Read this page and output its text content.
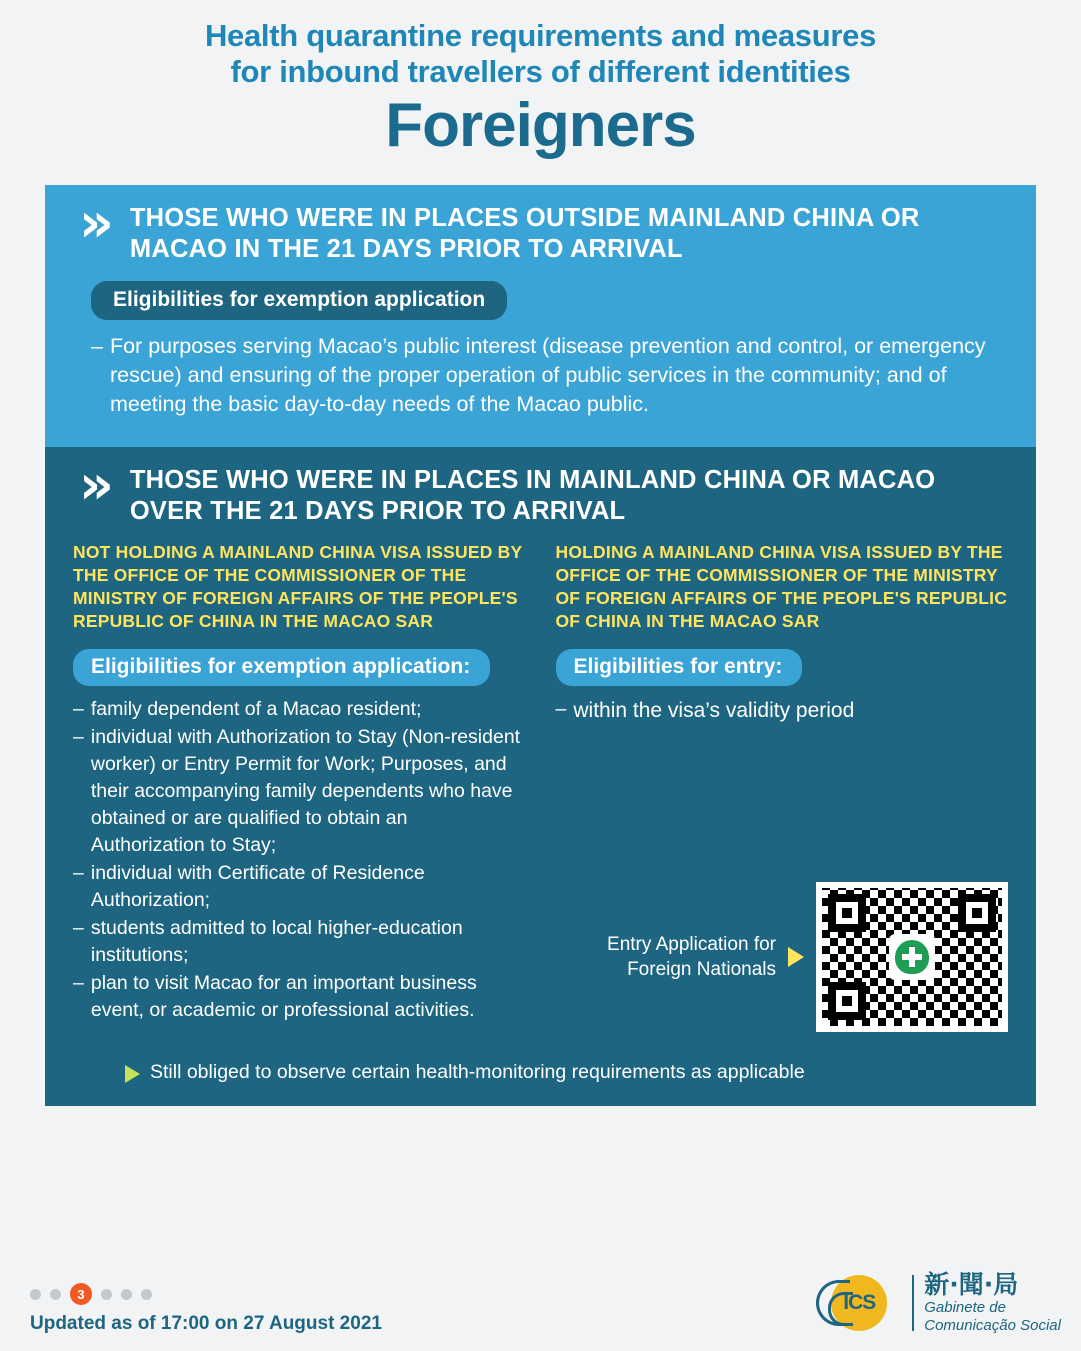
Health quarantine requirements and measures
for inbound travellers of different identities
Foreigners
» THOSE WHO WERE IN PLACES OUTSIDE MAINLAND CHINA OR MACAO IN THE 21 DAYS PRIOR TO ARRIVAL
Eligibilities for exemption application
– For purposes serving Macao’s public interest (disease prevention and control, or emergency rescue) and ensuring of the proper operation of public services in the community; and of meeting the basic day-to-day needs of the Macao public.
» THOSE WHO WERE IN PLACES IN MAINLAND CHINA OR MACAO OVER THE 21 DAYS PRIOR TO ARRIVAL
NOT HOLDING A MAINLAND CHINA VISA ISSUED BY THE OFFICE OF THE COMMISSIONER OF THE MINISTRY OF FOREIGN AFFAIRS OF THE PEOPLE'S REPUBLIC OF CHINA IN THE MACAO SAR
Eligibilities for exemption application:
– family dependent of a Macao resident;
– individual with Authorization to Stay (Non-resident worker) or Entry Permit for Work; Purposes, and their accompanying family dependents who have obtained or are qualified to obtain an Authorization to Stay;
– individual with Certificate of Residence Authorization;
– students admitted to local higher-education institutions;
– plan to visit Macao for an important business event, or academic or professional activities.
HOLDING A MAINLAND CHINA VISA ISSUED BY THE OFFICE OF THE COMMISSIONER OF THE MINISTRY OF FOREIGN AFFAIRS OF THE PEOPLE'S REPUBLIC OF CHINA IN THE MACAO SAR
Eligibilities for entry:
– within the visa’s validity period
Still obliged to observe certain health-monitoring requirements as applicable
Entry Application for
Foreign Nationals
3
Updated as of 17:00 on 27 August 2021
ICS
新·聞·局
Gabinete de
Comunicação Social
